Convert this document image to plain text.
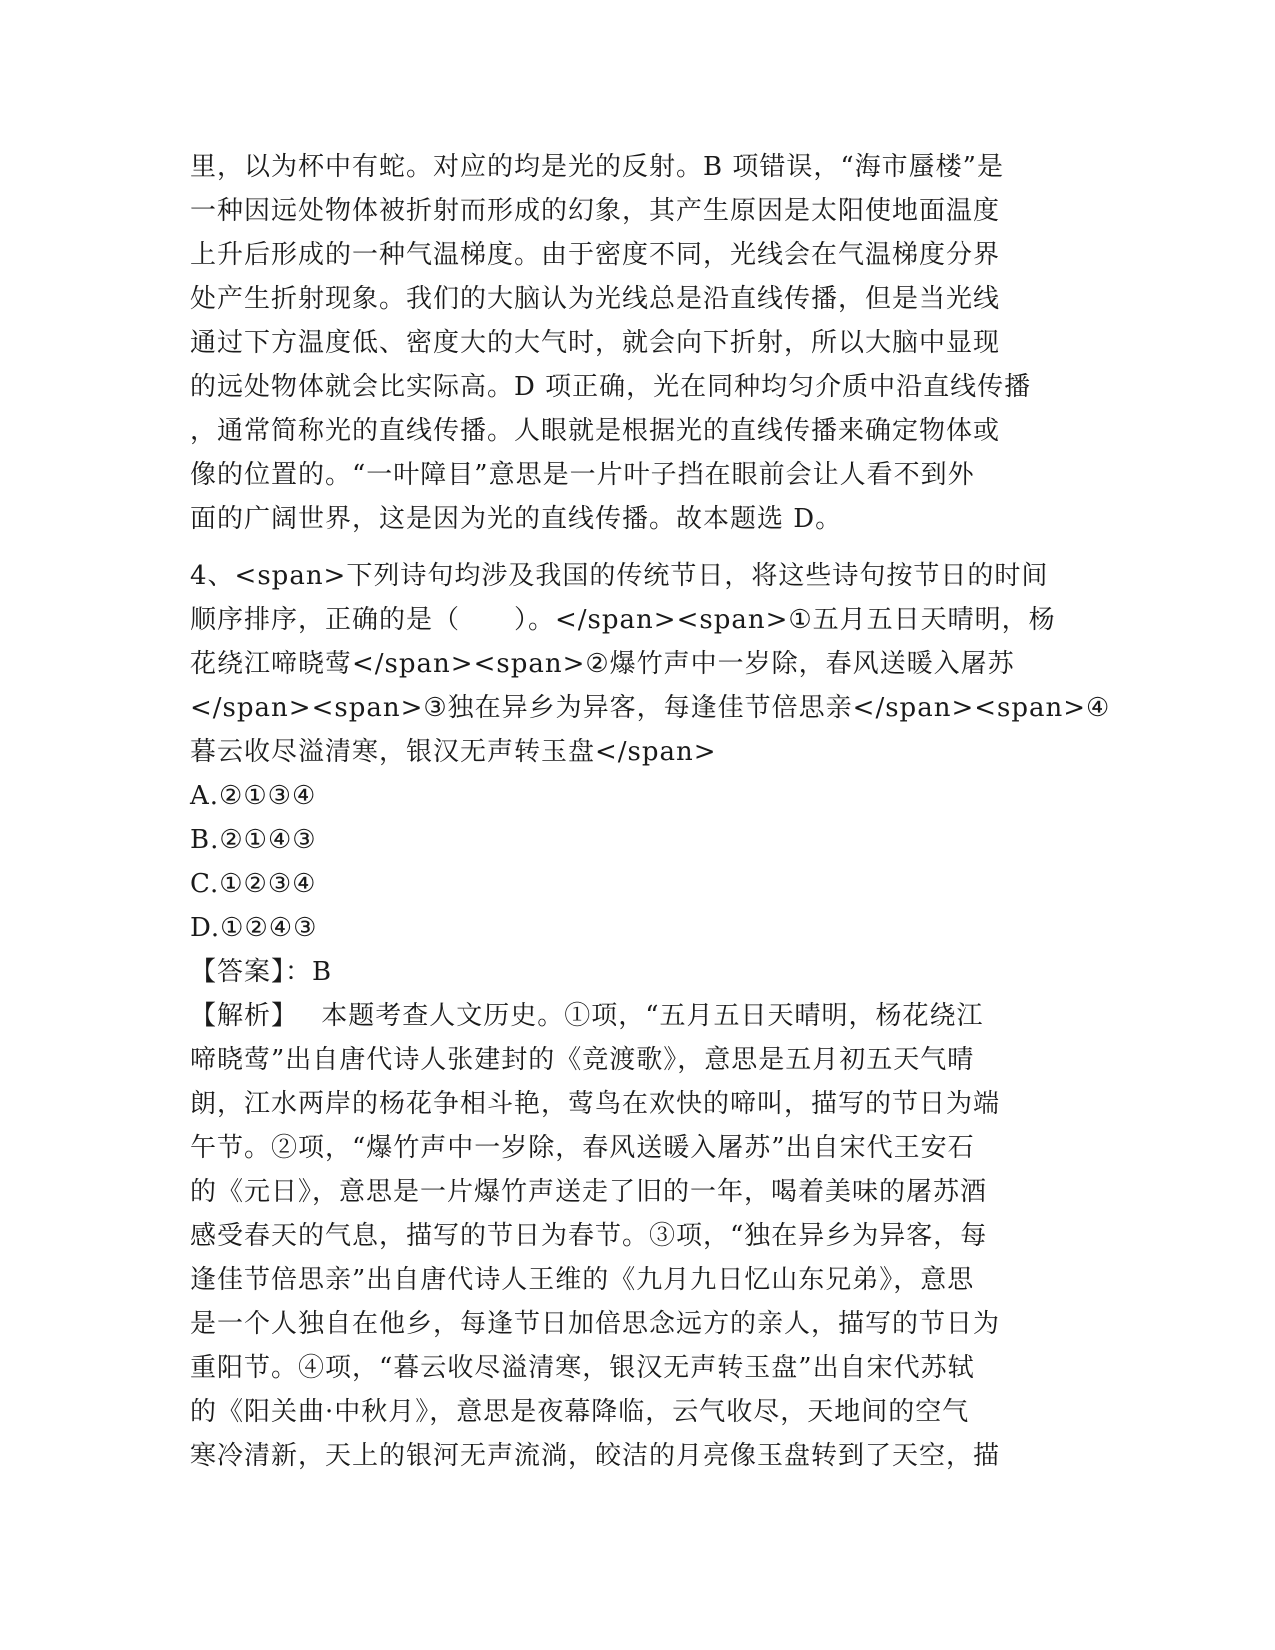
里，以为杯中有蛇。对应的均是光的反射。B 项错误，“海市蜃楼”是
一种因远处物体被折射而形成的幻象，其产生原因是太阳使地面温度
上升后形成的一种气温梯度。由于密度不同，光线会在气温梯度分界
处产生折射现象。我们的大脑认为光线总是沿直线传播，但是当光线
通过下方温度低、密度大的大气时，就会向下折射，所以大脑中显现
的远处物体就会比实际高。D 项正确，光在同种均匀介质中沿直线传播
，通常简称光的直线传播。人眼就是根据光的直线传播来确定物体或
像的位置的。“一叶障目”意思是一片叶子挡在眼前会让人看不到外
面的广阔世界，这是因为光的直线传播。故本题选 D。
4、<span>下列诗句均涉及我国的传统节日，将这些诗句按节日的时间
顺序排序，正确的是（　　）。</span><span>①五月五日天晴明，杨
花绕江啼晓莺</span><span>②爆竹声中一岁除，春风送暖入屠苏
</span><span>③独在异乡为异客，每逢佳节倍思亲</span><span>④
暮云收尽溢清寒，银汉无声转玉盘</span>
A.②①③④
B.②①④③
C.①②③④
D.①②④③
【答案】：B
【解析】　 本题考查人文历史。①项，“五月五日天晴明，杨花绕江
啼晓莺”出自唐代诗人张建封的《竞渡歌》，意思是五月初五天气晴
朗，江水两岸的杨花争相斗艳，莺鸟在欢快的啼叫，描写的节日为端
午节。②项，“爆竹声中一岁除，春风送暖入屠苏”出自宋代王安石
的《元日》，意思是一片爆竹声送走了旧的一年，喝着美味的屠苏酒
感受春天的气息，描写的节日为春节。③项，“独在异乡为异客，每
逢佳节倍思亲”出自唐代诗人王维的《九月九日忆山东兄弟》，意思
是一个人独自在他乡，每逢节日加倍思念远方的亲人，描写的节日为
重阳节。④项，“暮云收尽溢清寒，银汉无声转玉盘”出自宋代苏轼
的《阳关曲·中秋月》，意思是夜幕降临，云气收尽，天地间的空气
寒冷清新，天上的银河无声流淌，皎洁的月亮像玉盘转到了天空，描
